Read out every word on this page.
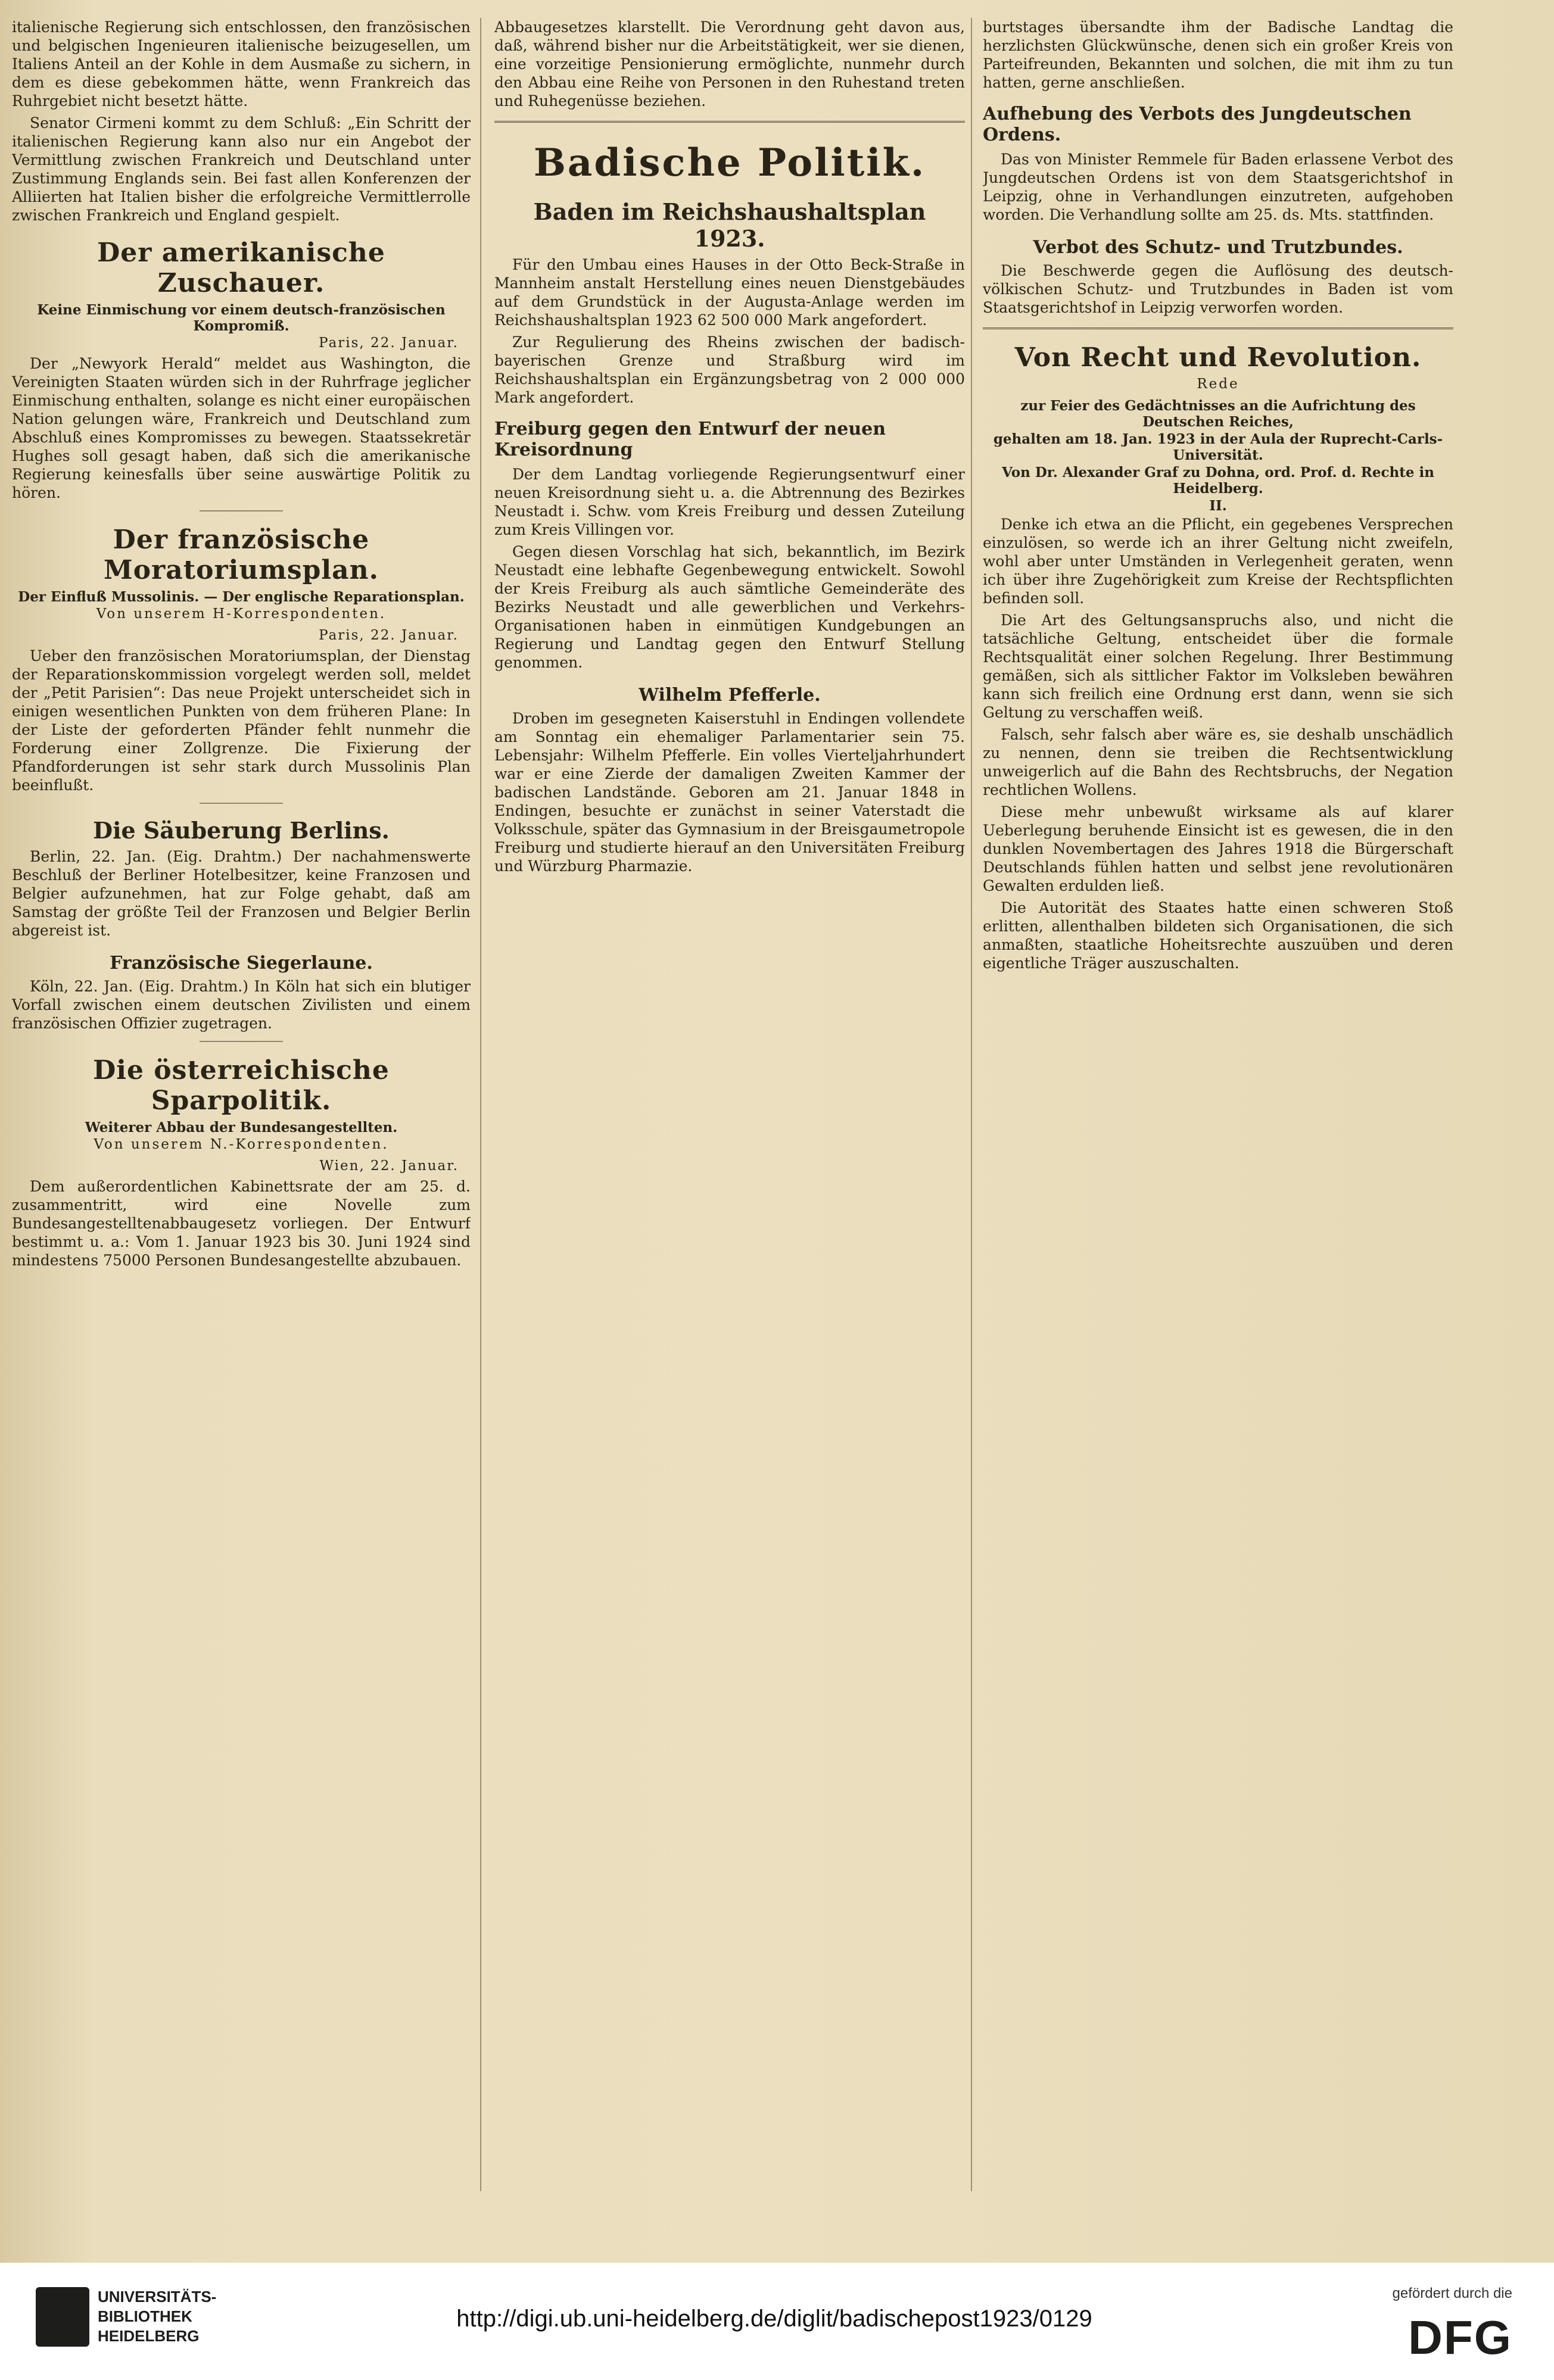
italienische Regierung sich entschlossen, den französischen und belgischen Ingenieuren italienische beizugesellen, um Italiens Anteil an der Kohle in dem Ausmaße zu sichern, in dem es diese gebekommen hätte, wenn Frankreich das Ruhrgebiet nicht besetzt hätte.

Senator Cirmeni kommt zu dem Schluß: „Ein Schritt der italienischen Regierung kann also nur ein Angebot der Vermittlung zwischen Frankreich und Deutschland unter Zustimmung Englands sein. Bei fast allen Konferenzen der Alliierten hat Italien bisher die erfolgreiche Vermittlerrolle zwischen Frankreich und England gespielt.

Der amerikanische Zuschauer.
Keine Einmischung vor einem deutsch-französischen Kompromiß.
Paris, 22. Januar.

Der „Newyork Herald“ meldet aus Washington, die Vereinigten Staaten würden sich in der Ruhrfrage jeglicher Einmischung enthalten, solange es nicht einer europäischen Nation gelungen wäre, Frankreich und Deutschland zum Abschluß eines Kompromisses zu bewegen. Staatssekretär Hughes soll gesagt haben, daß sich die amerikanische Regierung keinesfalls über seine auswärtige Politik zu hören.

Der französische Moratoriumsplan.
Der Einfluß Mussolinis. — Der englische Reparationsplan.
Von unserem H-Korrespondenten.
Paris, 22. Januar.

Ueber den französischen Moratoriumsplan, der Dienstag der Reparationskommission vorgelegt werden soll, meldet der „Petit Parisien“: Das neue Projekt unterscheidet sich in einigen wesentlichen Punkten von dem früheren Plane: In der Liste der geforderten Pfänder fehlt nunmehr die Forderung einer Zollgrenze. Die Fixierung der Pfandforderungen ist sehr stark durch Mussolinis Plan beeinflußt.

Die Säuberung Berlins.

Berlin, 22. Jan. (Eig. Drahtm.) Der nachahmenswerte Beschluß der Berliner Hotelbesitzer, keine Franzosen und Belgier aufzunehmen, hat zur Folge gehabt, daß am Samstag der größte Teil der Franzosen und Belgier Berlin abgereist ist.

Französische Siegerlaune.

Köln, 22. Jan. (Eig. Drahtm.) In Köln hat sich ein blutiger Vorfall zwischen einem deutschen Zivilisten und einem französischen Offizier zugetragen.

Die österreichische Sparpolitik.
Weiterer Abbau der Bundesangestellten.
Von unserem N.-Korrespondenten.
Wien, 22. Januar.

Dem außerordentlichen Kabinettsrate der am 25. d. zusammentritt, wird eine Novelle zum Bundesangestelltenabbaugesetz vorliegen. Der Entwurf bestimmt u. a.: Vom 1. Januar 1923 bis 30. Juni 1924 sind mindestens 75000 Personen Bundesangestellte abzubauen.

Abbaugesetzes klarstellt. Die Verordnung geht davon aus, daß, während bisher nur die Arbeitstätigkeit, wer sie dienen, eine vorzeitige Pensionierung ermöglichte, nunmehr durch den Abbau eine Reihe von Personen in den Ruhestand treten und Ruhegenüsse beziehen.

Badische Politik.
Baden im Reichshaushaltsplan 1923.

Für den Umbau eines Hauses in der Otto Beck-Straße in Mannheim anstalt Herstellung eines neuen Dienstgebäudes auf dem Grundstück in der Augusta-Anlage werden im Reichshaushaltsplan 1923 62 500 000 Mark angefordert.

Zur Regulierung des Rheins zwischen der badisch-bayerischen Grenze und Straßburg wird im Reichshaushaltsplan ein Ergänzungsbetrag von 2 000 000 Mark angefordert.

Freiburg gegen den Entwurf der neuen Kreisordnung

Der dem Landtag vorliegende Regierungsentwurf einer neuen Kreisordnung sieht u. a. die Abtrennung des Bezirkes Neustadt i. Schw. vom Kreis Freiburg und dessen Zuteilung zum Kreis Villingen vor.

Gegen diesen Vorschlag hat sich, bekanntlich, im Bezirk Neustadt eine lebhafte Gegenbewegung entwickelt. Sowohl der Kreis Freiburg als auch sämtliche Gemeinderäte des Bezirks Neustadt und alle gewerblichen und Verkehrs-Organisationen haben in einmütigen Kundgebungen an Regierung und Landtag gegen den Entwurf Stellung genommen.

Wilhelm Pfefferle.

Droben im gesegneten Kaiserstuhl in Endingen vollendete am Sonntag ein ehemaliger Parlamentarier sein 75. Lebensjahr: Wilhelm Pfefferle. Ein volles Vierteljahrhundert war er eine Zierde der damaligen Zweiten Kammer der badischen Landstände. Geboren am 21. Januar 1848 in Endingen, besuchte er zunächst in seiner Vaterstadt die Volksschule, später das Gymnasium in der Breisgaumetropole Freiburg und studierte hierauf an den Universitäten Freiburg und Würzburg Pharmazie.

burtstages übersandte ihm der Badische Landtag die herzlichsten Glückwünsche, denen sich ein großer Kreis von Parteifreunden, Bekannten und solchen, die mit ihm zu tun hatten, gerne anschließen.

Aufhebung des Verbots des Jungdeutschen Ordens.

Das von Minister Remmele für Baden erlassene Verbot des Jungdeutschen Ordens ist von dem Staatsgerichtshof in Leipzig, ohne in Verhandlungen einzutreten, aufgehoben worden. Die Verhandlung sollte am 25. ds. Mts. stattfinden.

Verbot des Schutz- und Trutzbundes.

Die Beschwerde gegen die Auflösung des deutsch-völkischen Schutz- und Trutzbundes in Baden ist vom Staatsgerichtshof in Leipzig verworfen worden.

Von Recht und Revolution.
Rede
zur Feier des Gedächtnisses an die Aufrichtung des Deutschen Reiches,
gehalten am 18. Jan. 1923 in der Aula der Ruprecht-Carls-Universität.
Von Dr. Alexander Graf zu Dohna, ord. Prof. d. Rechte in Heidelberg.
II.

Denke ich etwa an die Pflicht, ein gegebenes Versprechen einzulösen, so werde ich an ihrer Geltung nicht zweifeln, wohl aber unter Umständen in Verlegenheit geraten, wenn ich über ihre Zugehörigkeit zum Kreise der Rechtspflichten befinden soll.

Die Art des Geltungsanspruchs also, und nicht die tatsächliche Geltung, entscheidet über die formale Rechtsqualität einer solchen Regelung. Ihrer Bestimmung gemäßen, sich als sittlicher Faktor im Volksleben bewähren kann sich freilich eine Ordnung erst dann, wenn sie sich Geltung zu verschaffen weiß.

Falsch, sehr falsch aber wäre es, sie deshalb unschädlich zu nennen, denn sie treiben die Rechtsentwicklung unweigerlich auf die Bahn des Rechtsbruchs, der Negation rechtlichen Wollens.

Diese mehr unbewußt wirksame als auf klarer Ueberlegung beruhende Einsicht ist es gewesen, die in den dunklen Novembertagen des Jahres 1918 die Bürgerschaft Deutschlands fühlen hatten und selbst jene revolutionären Gewalten erdulden ließ.

Die Autorität des Staates hatte einen schweren Stoß erlitten, allenthalben bildeten sich Organisationen, die sich anmaßten, staatliche Hoheitsrechte auszuüben und deren eigentliche Träger auszuschalten.

UNIVERSITÄTS-
BIBLIOTHEK
HEIDELBERG
http://digi.ub.uni-heidelberg.de/diglit/badischepost1923/0129
gefördert durch die
DFG
